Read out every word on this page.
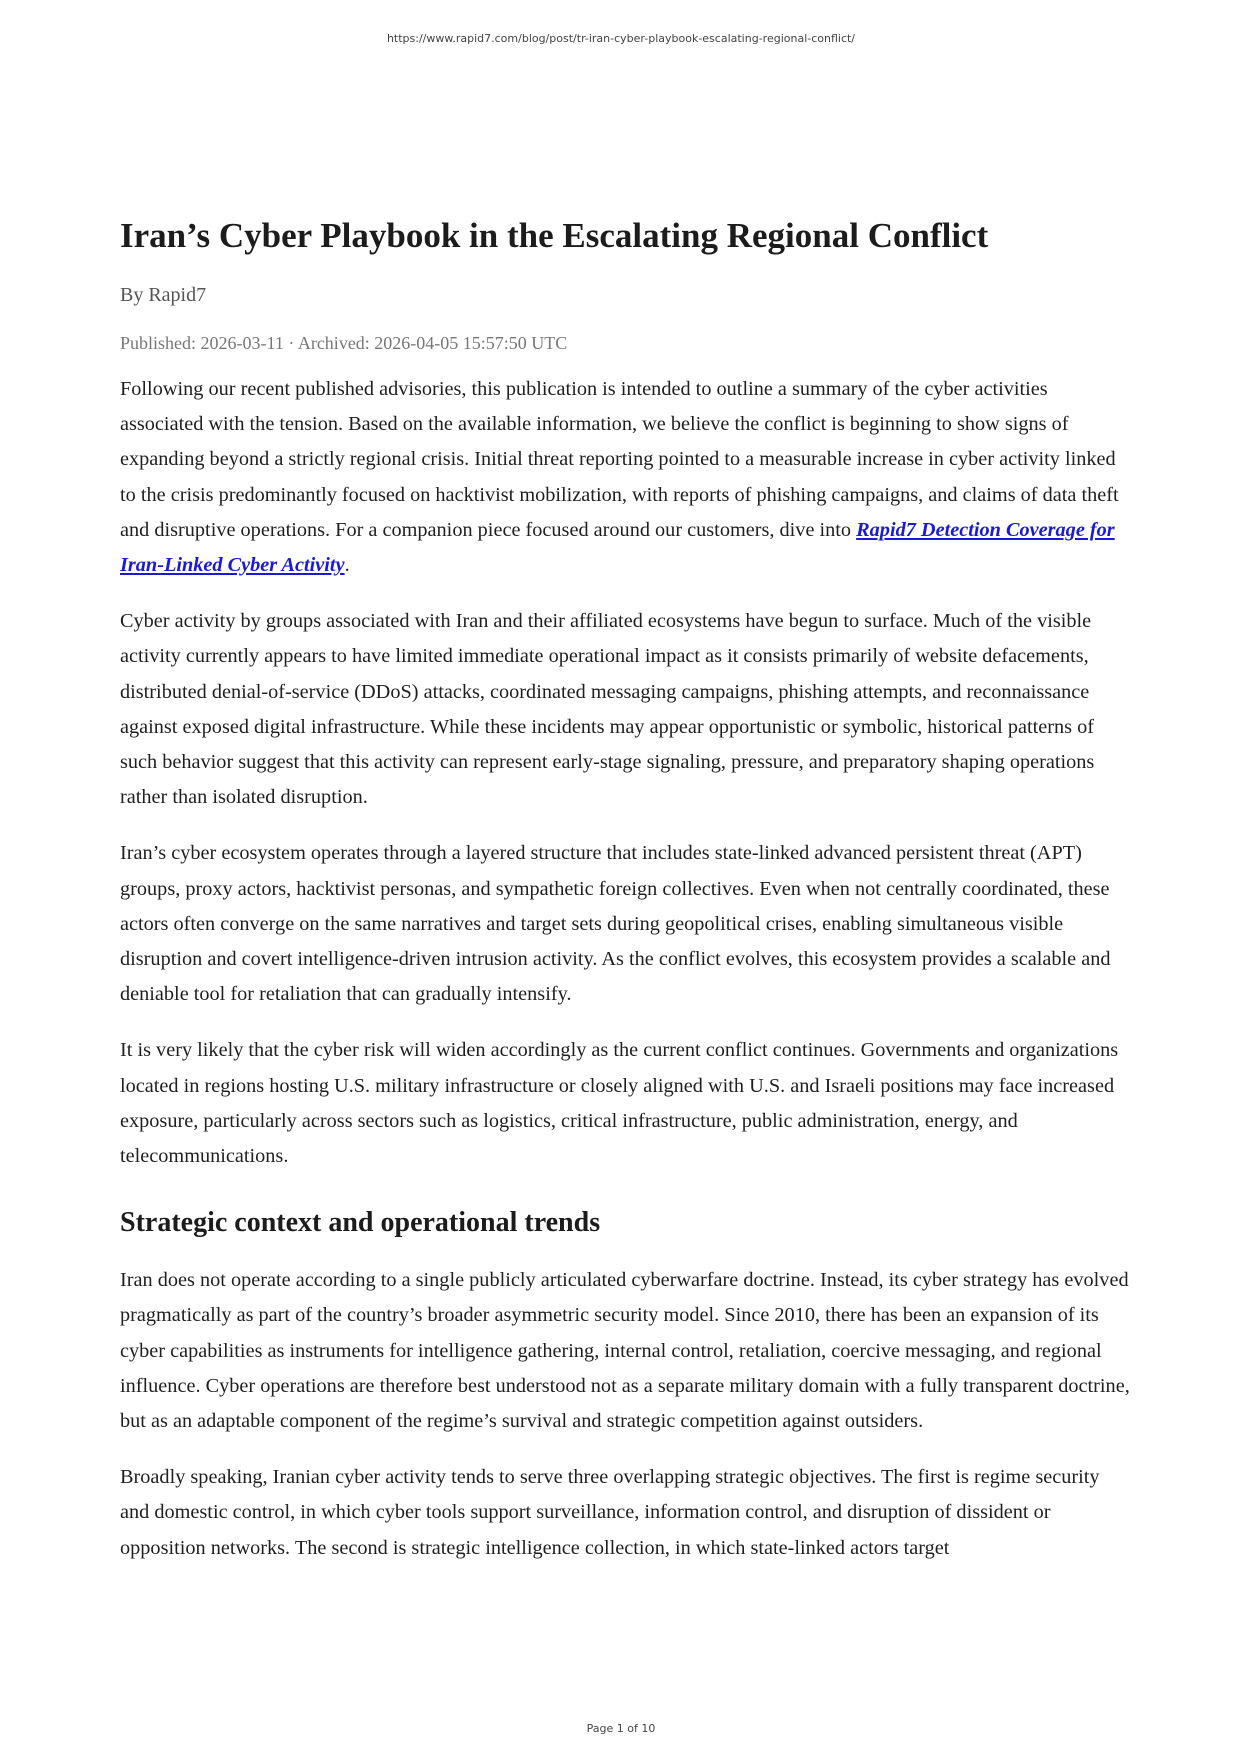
https://www.rapid7.com/blog/post/tr-iran-cyber-playbook-escalating-regional-conflict/
Iran’s Cyber Playbook in the Escalating Regional Conflict
By Rapid7
Published: 2026-03-11 · Archived: 2026-04-05 15:57:50 UTC

Following our recent published advisories, this publication is intended to outline a summary of the cyber activities associated with the tension. Based on the available information, we believe the conflict is beginning to show signs of expanding beyond a strictly regional crisis. Initial threat reporting pointed to a measurable increase in cyber activity linked to the crisis predominantly focused on hacktivist mobilization, with reports of phishing campaigns, and claims of data theft and disruptive operations. For a companion piece focused around our customers, dive into Rapid7 Detection Coverage for Iran-Linked Cyber Activity.

Cyber activity by groups associated with Iran and their affiliated ecosystems have begun to surface. Much of the visible activity currently appears to have limited immediate operational impact as it consists primarily of website defacements, distributed denial-of-service (DDoS) attacks, coordinated messaging campaigns, phishing attempts, and reconnaissance against exposed digital infrastructure. While these incidents may appear opportunistic or symbolic, historical patterns of such behavior suggest that this activity can represent early-stage signaling, pressure, and preparatory shaping operations rather than isolated disruption.

Iran’s cyber ecosystem operates through a layered structure that includes state-linked advanced persistent threat (APT) groups, proxy actors, hacktivist personas, and sympathetic foreign collectives. Even when not centrally coordinated, these actors often converge on the same narratives and target sets during geopolitical crises, enabling simultaneous visible disruption and covert intelligence-driven intrusion activity. As the conflict evolves, this ecosystem provides a scalable and deniable tool for retaliation that can gradually intensify.

It is very likely that the cyber risk will widen accordingly as the current conflict continues. Governments and organizations located in regions hosting U.S. military infrastructure or closely aligned with U.S. and Israeli positions may face increased exposure, particularly across sectors such as logistics, critical infrastructure, public administration, energy, and telecommunications.

Strategic context and operational trends

Iran does not operate according to a single publicly articulated cyberwarfare doctrine. Instead, its cyber strategy has evolved pragmatically as part of the country’s broader asymmetric security model. Since 2010, there has been an expansion of its cyber capabilities as instruments for intelligence gathering, internal control, retaliation, coercive messaging, and regional influence. Cyber operations are therefore best understood not as a separate military domain with a fully transparent doctrine, but as an adaptable component of the regime’s survival and strategic competition against outsiders.

Broadly speaking, Iranian cyber activity tends to serve three overlapping strategic objectives. The first is regime security and domestic control, in which cyber tools support surveillance, information control, and disruption of dissident or opposition networks. The second is strategic intelligence collection, in which state-linked actors target

Page 1 of 10
